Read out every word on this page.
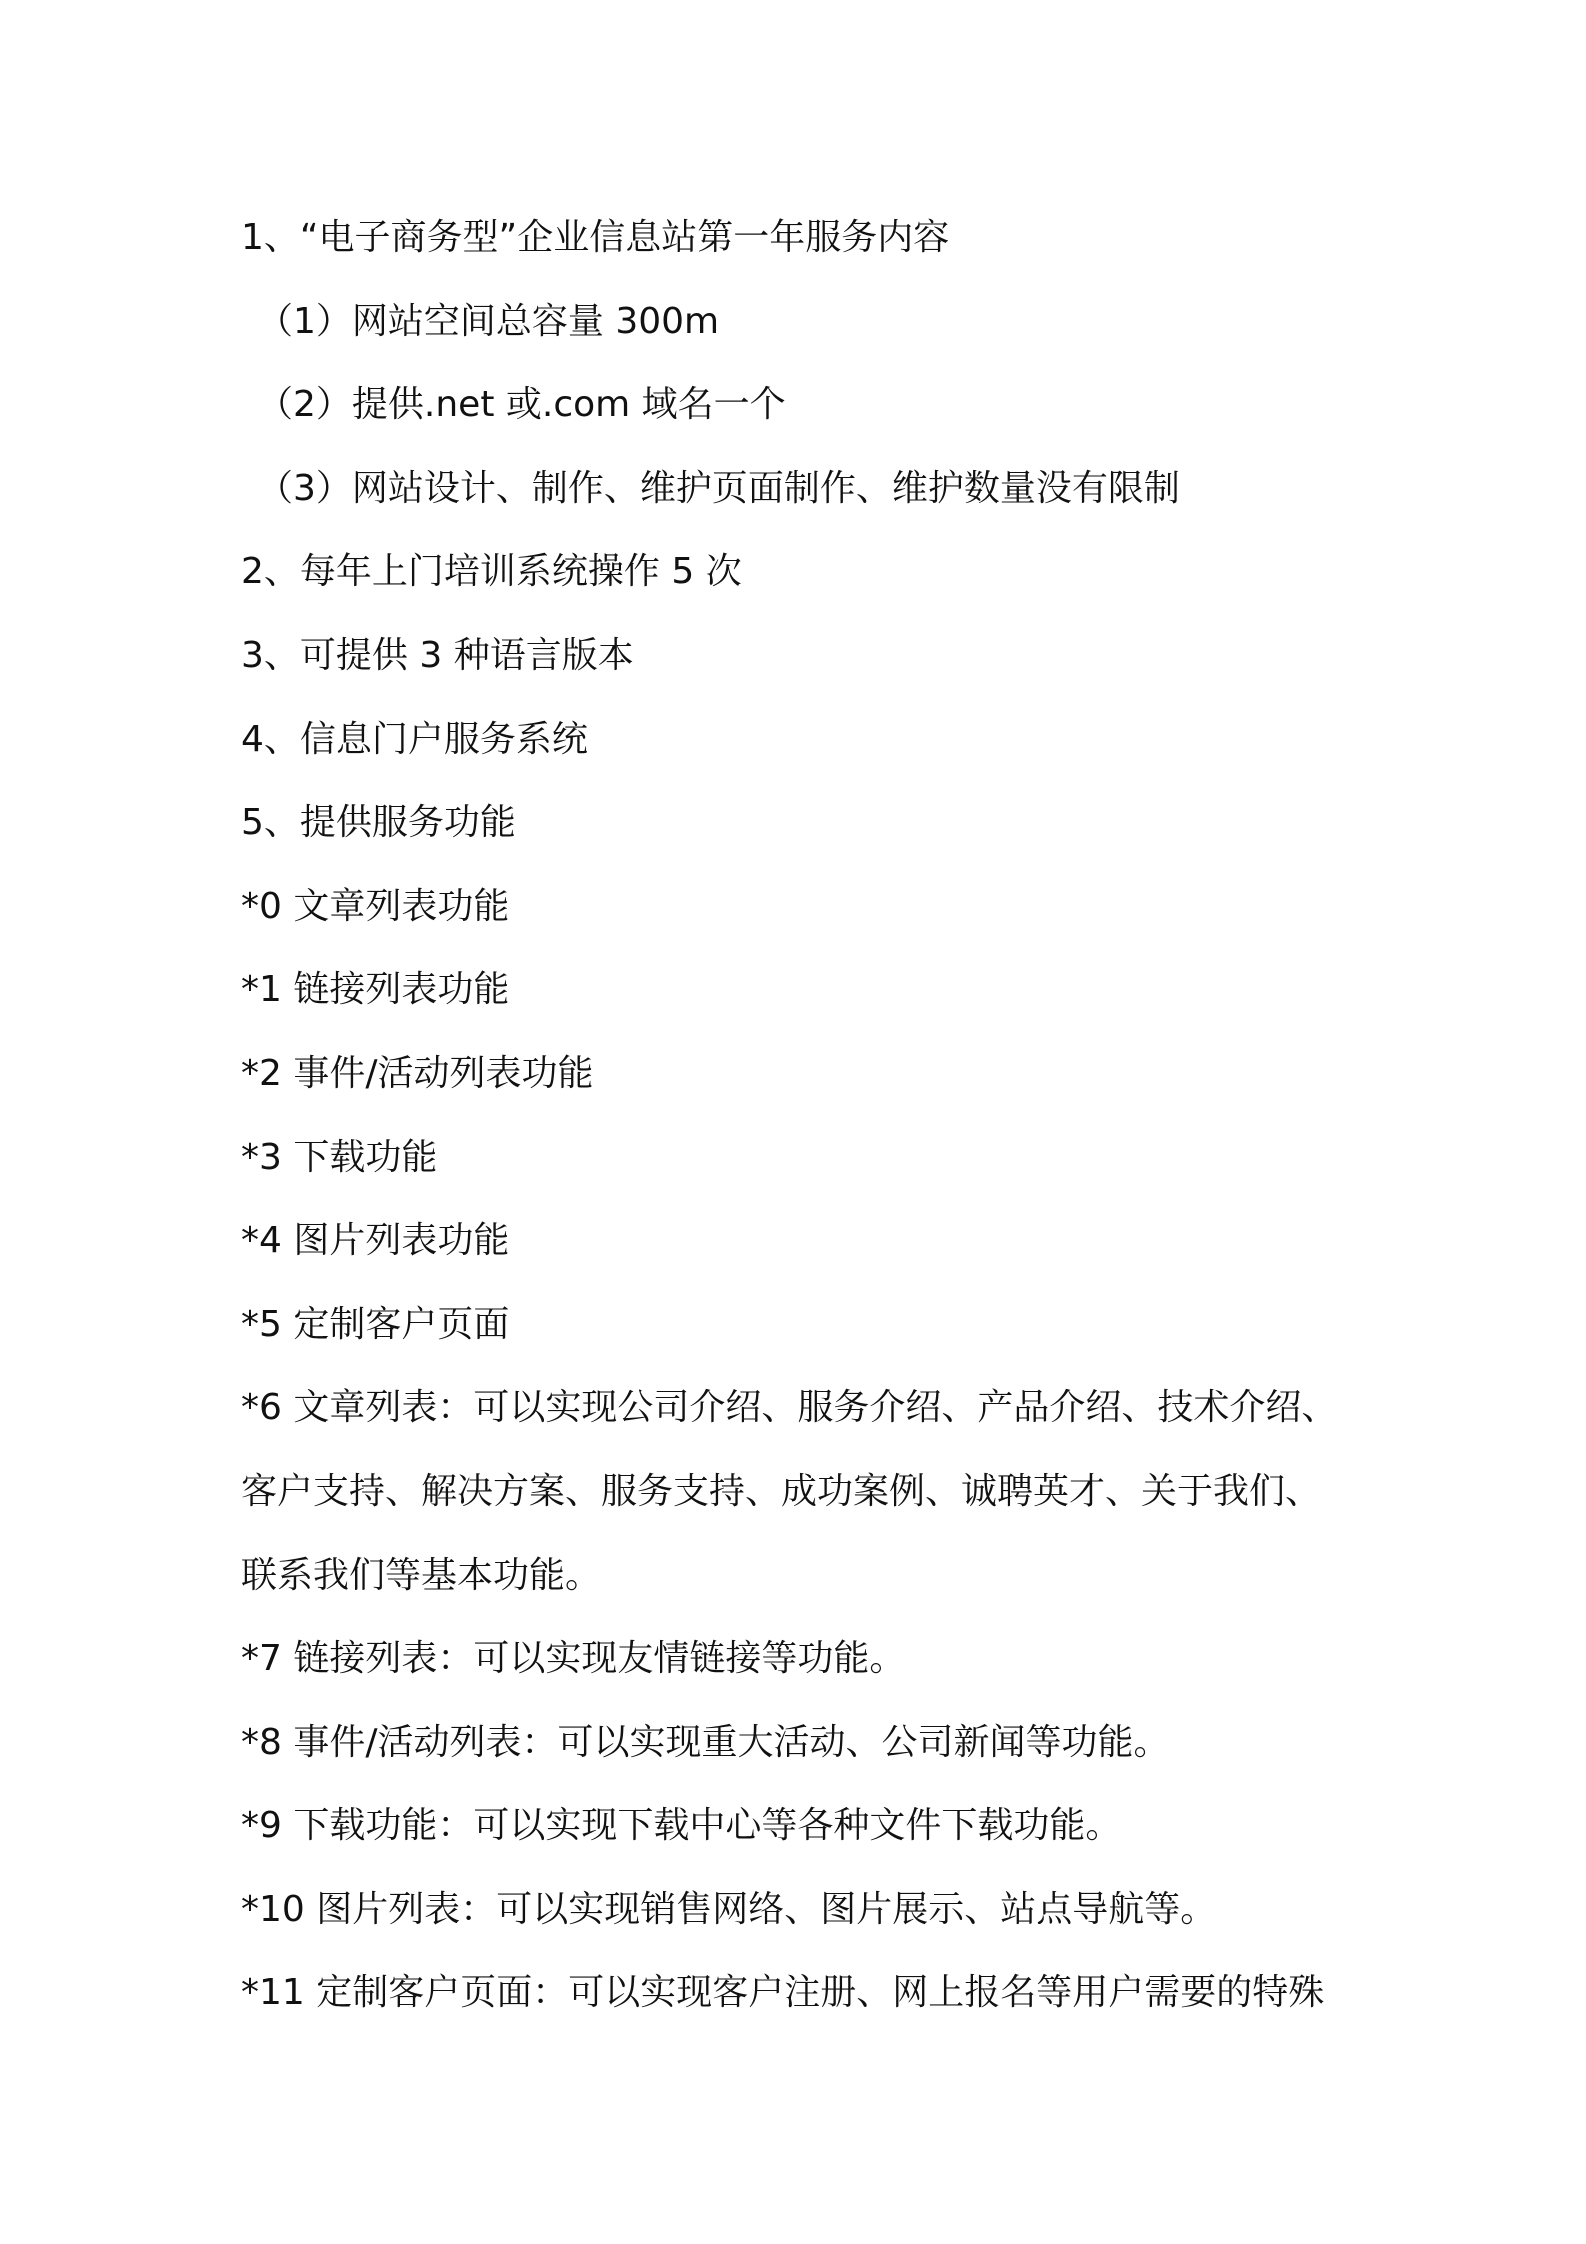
1、“电子商务型”企业信息站第一年服务内容
（1）网站空间总容量 300m
（2）提供.net 或.com 域名一个
（3）网站设计、制作、维护页面制作、维护数量没有限制
2、每年上门培训系统操作 5 次
3、可提供 3 种语言版本
4、信息门户服务系统
5、提供服务功能
*0 文章列表功能
*1 链接列表功能
*2 事件/活动列表功能
*3 下载功能
*4 图片列表功能
*5 定制客户页面
*6 文章列表：可以实现公司介绍、服务介绍、产品介绍、技术介绍、
客户支持、解决方案、服务支持、成功案例、诚聘英才、关于我们、
联系我们等基本功能。
*7 链接列表：可以实现友情链接等功能。
*8 事件/活动列表：可以实现重大活动、公司新闻等功能。
*9 下载功能：可以实现下载中心等各种文件下载功能。
*10 图片列表：可以实现销售网络、图片展示、站点导航等。
*11 定制客户页面：可以实现客户注册、网上报名等用户需要的特殊
